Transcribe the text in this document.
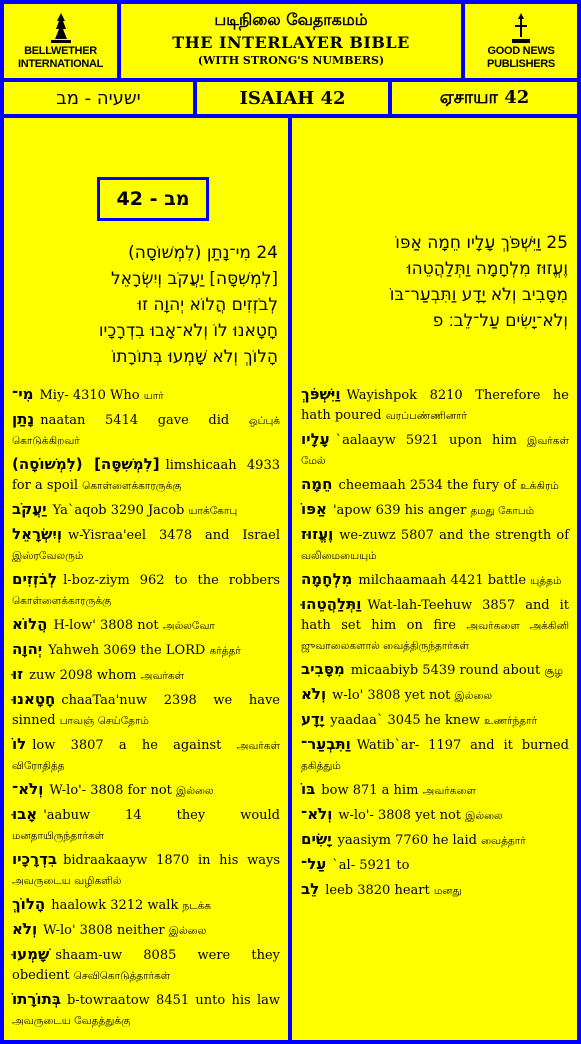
BELLWETHER INTERNATIONAL
படிநிலை வேதாகமம்
THE INTERLAYER BIBLE
(WITH STRONG'S NUMBERS)
GOOD NEWS PUBLISHERS
ישעיה - מב	ISAIAH 42	ஏசாயா 42
מב - 42
24 מִי־נָתַן (לִמְשׁוֹסָה)
[לִמְשִׁסָּה] יַעֲקֹב וְיִשְׂרָאֵל
לְבֹזְזִים הֲלוֹא יְהוָה זוּ
חָטָאנוּ לוֹ וְלֹא־אָבוּ בִדְרָכָיו
הָלוֹךְ וְלֹא שָׁמְעוּ בְּתוֹרָתוֹ
25 וַיִּשְׁפֹּךְ עָלָיו חֵמָה אַפּוֹ
וֶעֱזוּז מִלְחָמָה וַתְּלַהֲטֵהוּ
מִסָּבִיב וְלֹא יָדָע וַתִּבְעַר־בּוֹ
וְלֹא־יָשִׂים עַל־לֵב׃ פ
מִי־ Miy- 4310 Who யார்
נָתַן naatan 5414 gave did ஒப்புக் கொடுக்கிறவர்
[לִמְשִׁסָּה] (לִמְשׁוֹסָה) limshicaah 4933 for a spoil கொள்ளைக்காரருக்கு
יַעֲקֹב Ya`aqob 3290 Jacob யாக்கோபு
וְיִשְׂרָאֵל w-Yisraa'eel 3478 and Israel இஸ்ரவேலரும்
לְבֹזְזִים l-boz-ziym 962 to the robbers கொள்ளைக்காரருக்கு
הֲלוֹא H-low' 3808 not அல்லவோ
יְהוָה Yahweh 3069 the LORD கர்த்தர்
זוּ zuw 2098 whom அவர்கள்
חָטָאנוּ chaaTaa'nuw 2398 we have sinned பாவஞ் செய்தோம்
לוֹ low 3807 a he against அவர்கள் விரோதித்த
וְלֹא־ W-lo'- 3808 for not இல்லை
אָבוּ 'aabuw 14 they would மனதாயிருந்தார்கள்
בִדְרָכָיו bidraakaayw 1870 in his ways அவருடைய வழிகளில்
הָלוֹךְ haalowk 3212 walk நடக்க
וְלֹא W-lo' 3808 neither இல்லை
שָׁמְעוּ shaam-uw 8085 were they obedient செவிகொடுத்தார்கள்
בְּתוֹרָתוֹ b-towraatow 8451 unto his law அவருடைய வேதத்துக்கு
וַיִּשְׁפֹּךְ Wayishpok 8210 Therefore he hath poured வரப்பண்ணினார்
עָלָיו `aalaayw 5921 upon him இவர்கள் மேல்
חֵמָה cheemaah 2534 the fury of உக்கிரம்
אַפּוֹ 'apow 639 his anger தமது கோபம்
וֶעֱזוּז we-zuwz 5807 and the strength of வலிமையையும்
מִלְחָמָה milchaamaah 4421 battle யுத்தம்
וַתְּלַהֲטֵהוּ Wat-lah-Teehuw 3857 and it hath set him on fire அவர்களை அக்கினி ஜுவாலைகளால் வைத்திருந்தார்கள்
מִסָּבִיב micaabiyb 5439 round about சூழ
וְלֹא w-lo' 3808 yet not இல்லை
יָדָע yaadaa` 3045 he knew உணர்ந்தார்
וַתִּבְעַר־ Watib`ar- 1197 and it burned தகித்தும்
בּוֹ bow 871 a him அவர்களை
וְלֹא־ w-lo'- 3808 yet not இல்லை
יָשִׂים yaasiym 7760 he laid வைத்தார்
עַל־ `al- 5921 to
לֵב leeb 3820 heart மனது
